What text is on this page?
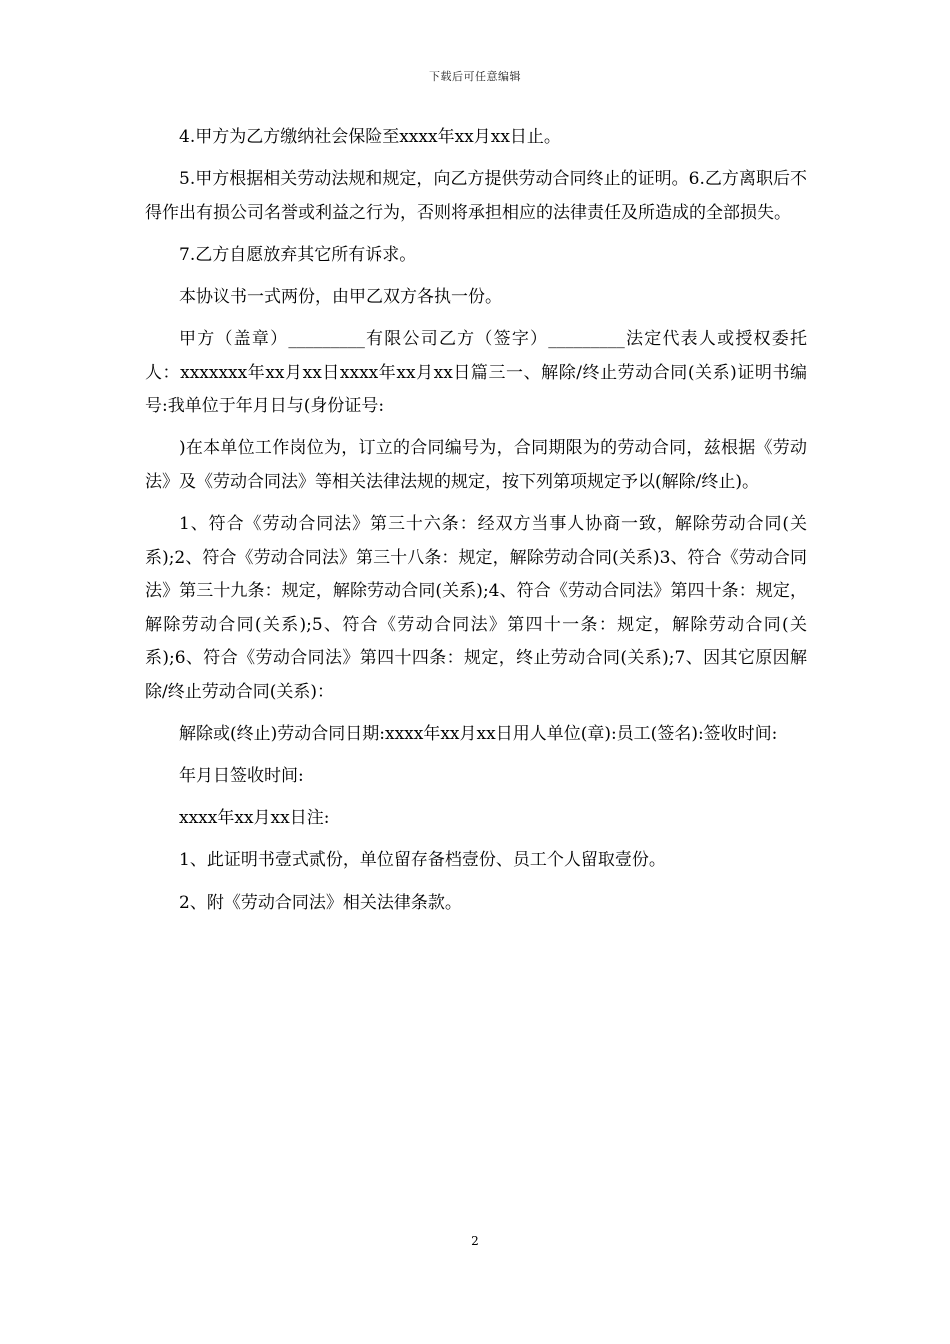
下载后可任意编辑

4.甲方为乙方缴纳社会保险至xxxx年xx月xx日止。

5.甲方根据相关劳动法规和规定，向乙方提供劳动合同终止的证明。6.乙方离职后不得作出有损公司名誉或利益之行为，否则将承担相应的法律责任及所造成的全部损失。

7.乙方自愿放弃其它所有诉求。

本协议书一式两份，由甲乙双方各执一份。

甲方（盖章）_________有限公司乙方（签字）_________法定代表人或授权委托人：xxxxxxx年xx月xx日xxxx年xx月xx日篇三一、解除/终止劳动合同(关系)证明书编号:我单位于年月日与(身份证号:

)在本单位工作岗位为，订立的合同编号为，合同期限为的劳动合同，兹根据《劳动法》及《劳动合同法》等相关法律法规的规定，按下列第项规定予以(解除/终止)。

1、符合《劳动合同法》第三十六条：经双方当事人协商一致，解除劳动合同(关系);2、符合《劳动合同法》第三十八条：规定，解除劳动合同(关系)3、符合《劳动合同法》第三十九条：规定，解除劳动合同(关系);4、符合《劳动合同法》第四十条：规定，解除劳动合同(关系);5、符合《劳动合同法》第四十一条：规定，解除劳动合同(关系);6、符合《劳动合同法》第四十四条：规定，终止劳动合同(关系);7、因其它原因解除/终止劳动合同(关系)：

解除或(终止)劳动合同日期:xxxx年xx月xx日用人单位(章):员工(签名):签收时间:

年月日签收时间:

xxxx年xx月xx日注:

1、此证明书壹式贰份，单位留存备档壹份、员工个人留取壹份。

2、附《劳动合同法》相关法律条款。

2
